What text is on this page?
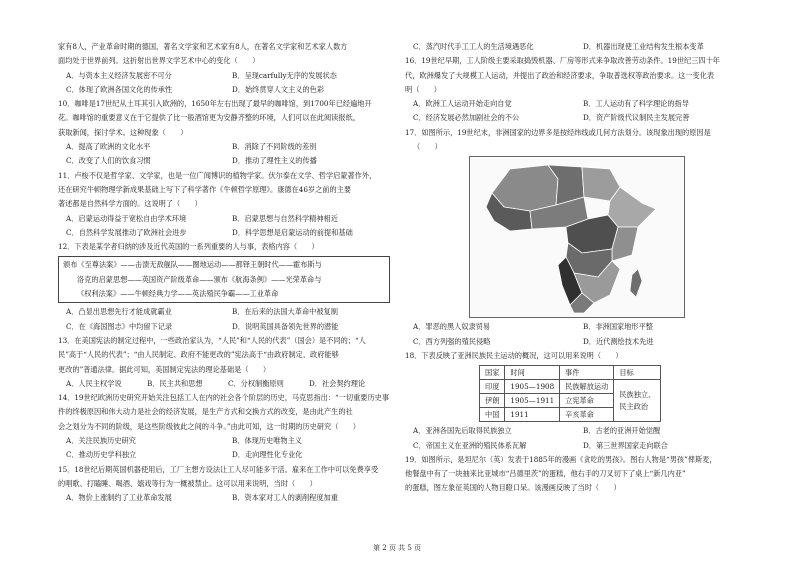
家有8人，产业革命时期的德国，著名文学家和艺术家有8人，在著名文学家和艺术家人数方

面均处于世界前列。这折射出世界文学艺术中心的变化（　　）

A．与资本主义经济发展密不可分	B．呈现carfully无序的发展状态
C．体现了欧洲各国文化的传承性	D．始终贯穿人文主义的色彩

10．咖啡是17世纪从土耳其引入欧洲的，1650年左右出现了最早的咖啡馆，到1700年已经遍地开

花。咖啡馆的重要意义在于它提供了比一般酒馆更为安静齐整的环境，人们可以在此阅读报纸，

获取新闻，探讨学术。这种现象（　　）

A．提高了欧洲的文化水平	B．消除了不同阶级的差别
C．改变了人们的饮食习惯	D．推动了理性主义的传播

11．卢梭不仅是哲学家、文学家，也是一位广闻博识的植物学家。伏尔泰在文学、哲学启蒙著作外，

还在研究牛顿物理学新成果基础上写下了科学著作《牛顿哲学原理》。康德在46岁之前的主要

著述都是自然科学方面的。这说明了（　　）

A．启蒙运动得益于宽松自由学术环境	B．启蒙思想与自然科学精神相近
C．自然科学发展推动了欧洲社会进步	D．科学思想是启蒙运动的前提和基础

12．下表是某学者归纳的涉及近代英国的一系列重要的人与事，表格内容（　　）

颁布《至尊法案》——击溃无敌舰队——圈地运动——都铎王朝时代——霍布斯与
洛克的启蒙思想——英国资产阶级革命——颁布《航海条例》——光荣革命与
《权利法案》——牛顿经典力学——英法殖民争霸——工业革命
A．凸显出思想先行才能成就霸业	B．在后来的法国大革命中被复制
C．在《海国图志》中均留下记录	D．说明英国具备领先世界的潜能

13．在美国宪法的制定过程中，一些政治家认为，“人民”和“人民的代表”（国会）是不同的；“人

民”高于“人民的代表”；“由人民制定、政府不能更改的”宪法高于“由政府制定、政府能够

更改的”普通法律。据此可知，美国制定宪法的理论基础是（　　）

A．人民主权学说	B．民主共和思想	C．分权制衡原则	D．社会契约理论

14．19世纪欧洲历史研究开始关注包括工人在内的社会各个阶层的历史，马克思指出：“一切重要历史事

件的终极原因和伟大动力是社会的经济发展，是生产方式和交换方式的改变，是由此产生的社

会之划分为不同的阶级，是这些阶级彼此之间的斗争。”由此可知，这一时期的历史研究（　　）

A．关注民族历史研究	B．体现历史唯物主义
C．推动历史学科独立	D．走向理性化专业化

15．18世纪后期英国机器使用后，工厂主想方设法让工人尽可能多干活。雇来在工作中可以免费享受

的唱歌、打瞌睡、喝酒、嬉戏等行为一概被禁止。这可以用来说明，当时（　　）

A．物价上涨制约了工业革命发展	B．资本家对工人的剥削程度加重
C．蒸汽时代手工工人的生活境遇恶化	D．机器出现使工业结构发生根本变革

16．19世纪早期，工人阶级主要采取捣毁机器、厂房等形式来争取改善劳动条件。19世纪三四十年

代，欧洲爆发了大规模工人运动，并提出了政治和经济要求，争取普选权等政治要求。这一变化表

明（　　）

A．欧洲工人运动开始走向自觉	B．工人运动有了科学理论的指导
C．经济发展必然加剧社会的不公	D．资产阶级代议制民主发展完善

17．如图所示，19世纪末，非洲国家的边界多是按经纬线或几何方法划分。该现象出现的原因是

（　　）

A．罪恶的黑人奴隶贸易	B．非洲国家地形平整
C．西方列强的殖民侵略	D．近代测绘技术先进

18．下表反映了亚洲民族民主运动的概况，这可以用来说明（　　）

国家	时间	事件	目标
印度	1905—1908	民族解放运动	民族独立、
民主政治

伊朗	1905—1911	立宪革命	
中国	1911	辛亥革命	
A．亚洲各国先后取得民族独立	B．古老的亚洲开始觉醒
C．帝国主义在亚洲的殖民体系瓦解	D．第三世界国家走向联合

19．如图所示，是坦尼尔（英）发表于1885年的漫画《贪吃的男孩》。图右人物是“男孩”俾斯麦，

他餐盘中有了一块抽来比亚城市“吕德里茨”的蛋糕，他右手的刀叉切下了桌上“新几内亚”

的蛋糕，图左象征英国的人物目瞪口呆。该漫画反映了当时（　　）

第 2 页 共 5 页
